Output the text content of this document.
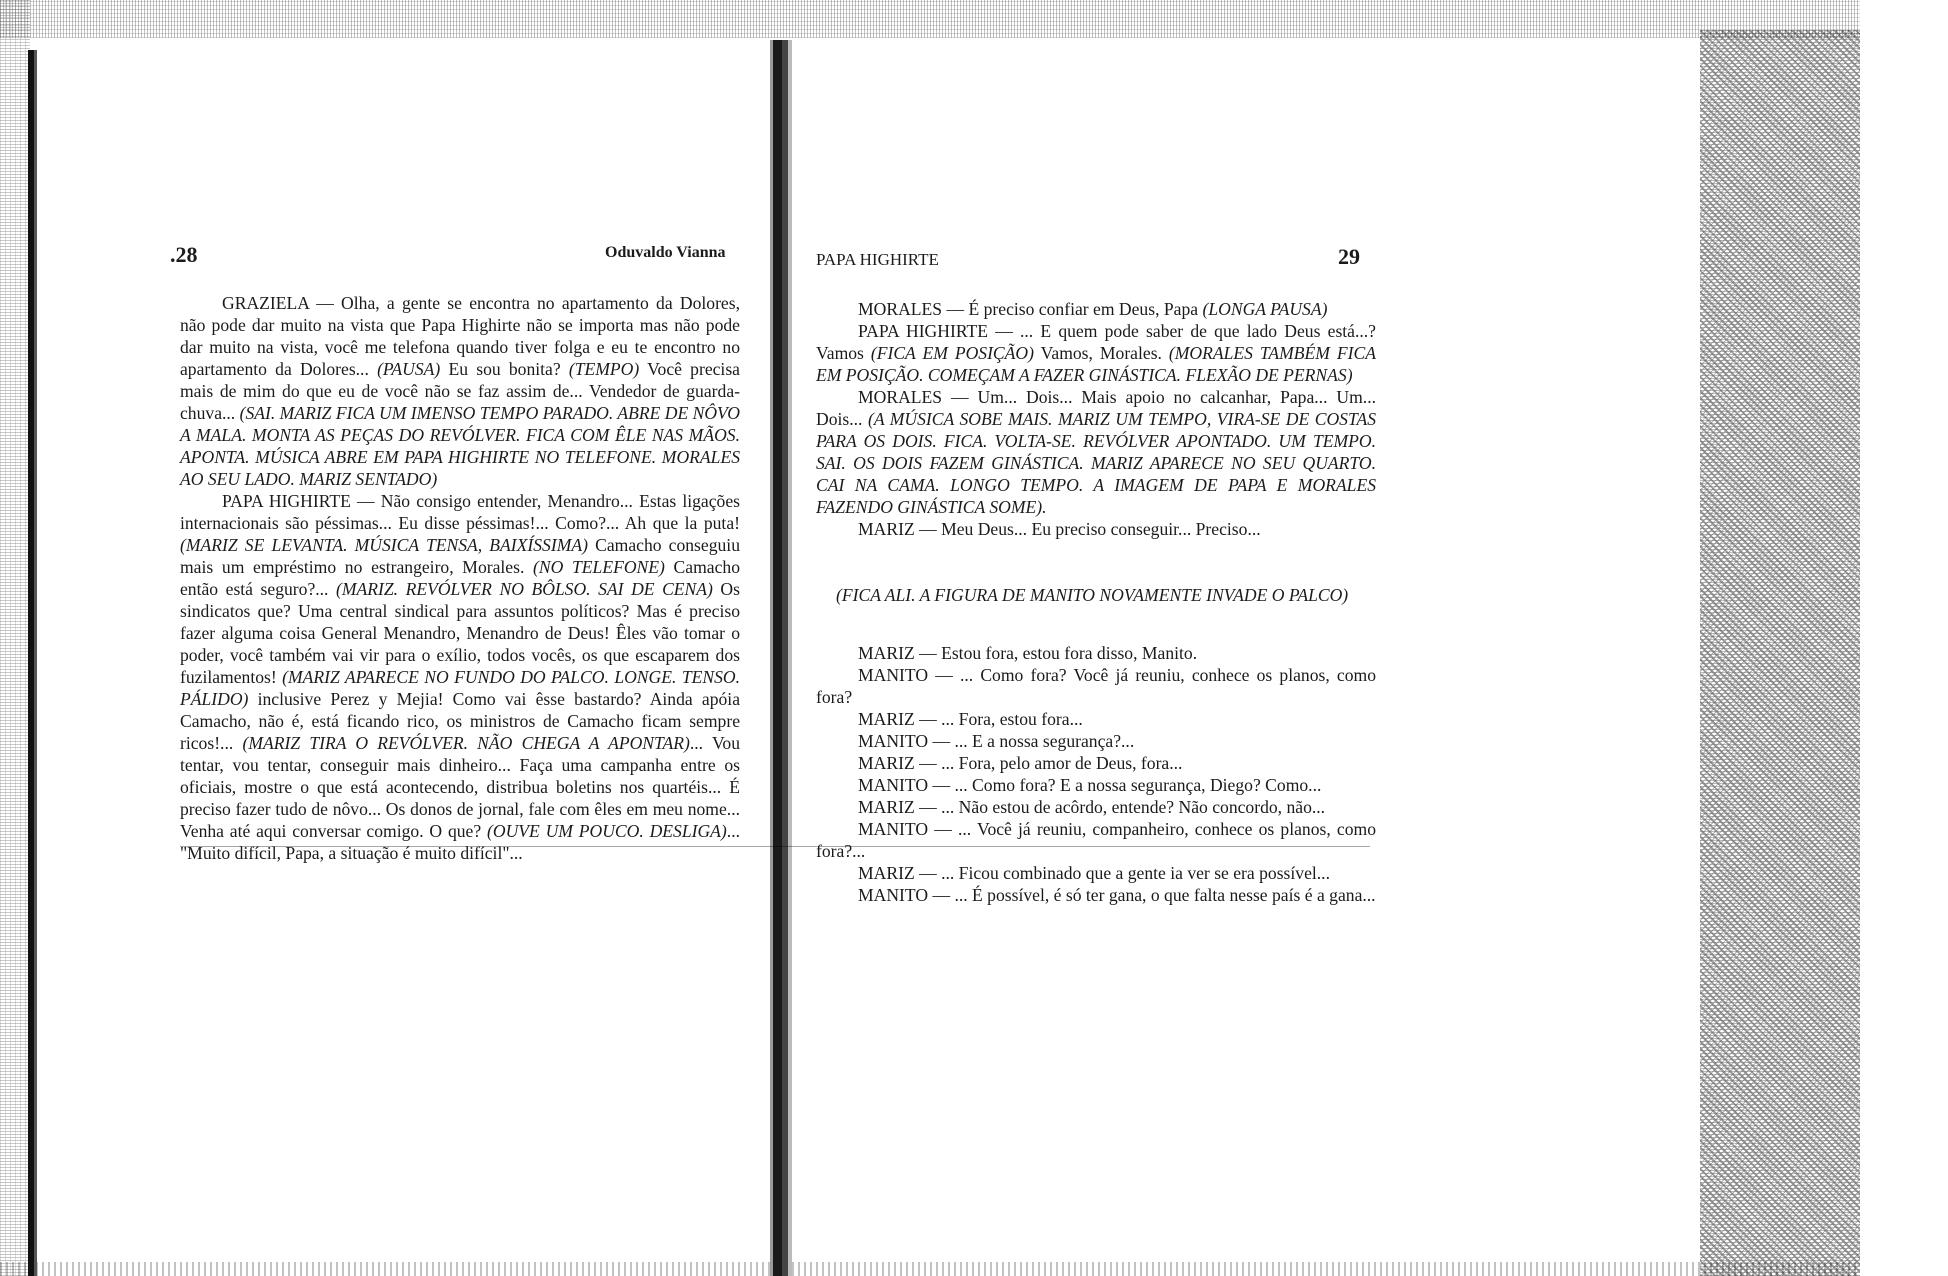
.28	Oduvaldo Vianna	PAPA HIGHIRTE	29

GRAZIELA — Olha, a gente se encontra no apartamento da Dolores, não pode dar muito na vista que Papa Highirte não se importa mas não pode dar muito na vista, você me telefona quando tiver folga e eu te encontro no apartamento da Dolores... (PAUSA) Eu sou bonita? (TEMPO) Você precisa mais de mim do que eu de você não se faz assim de... Vendedor de guarda-chuva... (SAI. MARIZ FICA UM IMENSO TEMPO PARADO. ABRE DE NÔVO A MALA. MONTA AS PEÇAS DO REVÓLVER. FICA COM ÊLE NAS MÃOS. APONTA. MÚSICA ABRE EM PAPA HIGHIRTE NO TELEFONE. MORALES AO SEU LADO. MARIZ SENTADO)

PAPA HIGHIRTE — Não consigo entender, Menandro... Estas ligações internacionais são péssimas... Eu disse péssimas!... Como?... Ah que la puta! (MARIZ SE LEVANTA. MÚSICA TENSA, BAIXÍSSIMA) Camacho conseguiu mais um empréstimo no estrangeiro, Morales. (NO TELEFONE) Camacho então está seguro?... (MARIZ. REVÓLVER NO BÔLSO. SAI DE CENA) Os sindicatos que? Uma central sindical para assuntos políticos? Mas é preciso fazer alguma coisa General Menandro, Menandro de Deus! Êles vão tomar o poder, você também vai vir para o exílio, todos vocês, os que escaparem dos fuzilamentos! (MARIZ APARECE NO FUNDO DO PALCO. LONGE. TENSO. PÁLIDO) inclusive Perez y Mejia! Como vai êsse bastardo? Ainda apóia Camacho, não é, está ficando rico, os ministros de Camacho ficam sempre ricos!... (MARIZ TIRA O REVÓLVER. NÃO CHEGA A APONTAR)... Vou tentar, vou tentar, conseguir mais dinheiro... Faça uma campanha entre os oficiais, mostre o que está acontecendo, distribua boletins nos quartéis... É preciso fazer tudo de nôvo... Os donos de jornal, fale com êles em meu nome... Venha até aqui conversar comigo. O que? (OUVE UM POUCO. DESLIGA)... "Muito difícil, Papa, a situação é muito difícil"...

MORALES — É preciso confiar em Deus, Papa (LONGA PAUSA)

PAPA HIGHIRTE — ... E quem pode saber de que lado Deus está...? Vamos (FICA EM POSIÇÃO) Vamos, Morales. (MORALES TAMBÉM FICA EM POSIÇÃO. COMEÇAM A FAZER GINÁSTICA. FLEXÃO DE PERNAS)

MORALES — Um... Dois... Mais apoio no calcanhar, Papa... Um... Dois... (A MÚSICA SOBE MAIS. MARIZ UM TEMPO, VIRA-SE DE COSTAS PARA OS DOIS. FICA. VOLTA-SE. REVÓLVER APONTADO. UM TEMPO. SAI. OS DOIS FAZEM GINÁSTICA. MARIZ APARECE NO SEU QUARTO. CAI NA CAMA. LONGO TEMPO. A IMAGEM DE PAPA E MORALES FAZENDO GINÁSTICA SOME).

MARIZ — Meu Deus... Eu preciso conseguir... Preciso...

(FICA ALI. A FIGURA DE MANITO NOVAMENTE INVADE O PALCO)

MARIZ — Estou fora, estou fora disso, Manito.

MANITO — ... Como fora? Você já reuniu, conhece os planos, como fora?

MARIZ — ... Fora, estou fora...

MANITO — ... E a nossa segurança?...

MARIZ — ... Fora, pelo amor de Deus, fora...

MANITO — ... Como fora? E a nossa segurança, Diego? Como...

MARIZ — ... Não estou de acôrdo, entende? Não concordo, não...

MANITO — ... Você já reuniu, companheiro, conhece os planos, como fora?...

MARIZ — ... Ficou combinado que a gente ia ver se era possível...

MANITO — ... É possível, é só ter gana, o que falta nesse país é a gana...
